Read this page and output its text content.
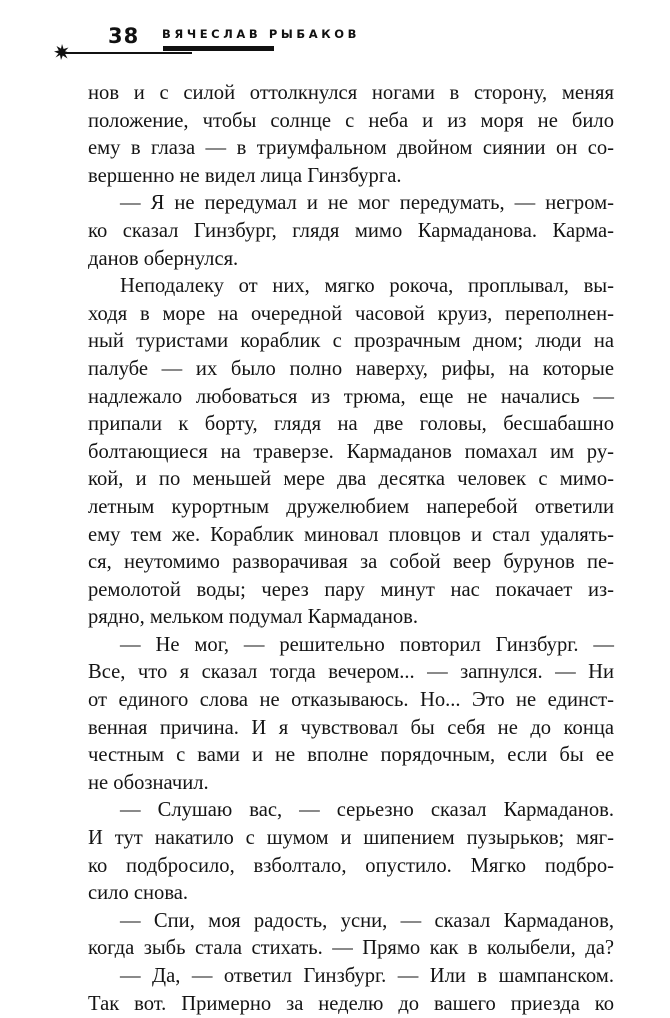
38 ВЯЧЕСЛАВ РЫБАКОВ
нов и с силой оттолкнулся ногами в сторону, меняя
положение, чтобы солнце с неба и из моря не било
ему в глаза — в триумфальном двойном сиянии он со-
вершенно не видел лица Гинзбурга.
— Я не передумал и не мог передумать, — негром-
ко сказал Гинзбург, глядя мимо Кармаданова. Карма-
данов обернулся.
Неподалеку от них, мягко рокоча, проплывал, вы-
ходя в море на очередной часовой круиз, переполнен-
ный туристами кораблик с прозрачным дном; люди на
палубе — их было полно наверху, рифы, на которые
надлежало любоваться из трюма, еще не начались —
припали к борту, глядя на две головы, бесшабашно
болтающиеся на траверзе. Кармаданов помахал им ру-
кой, и по меньшей мере два десятка человек с мимо-
летным курортным дружелюбием наперебой ответили
ему тем же. Кораблик миновал пловцов и стал удалять-
ся, неутомимо разворачивая за собой веер бурунов пе-
ремолотой воды; через пару минут нас покачает из-
рядно, мельком подумал Кармаданов.
— Не мог, — решительно повторил Гинзбург. —
Все, что я сказал тогда вечером... — запнулся. — Ни
от единого слова не отказываюсь. Но... Это не единст-
венная причина. И я чувствовал бы себя не до конца
честным с вами и не вполне порядочным, если бы ее
не обозначил.
— Слушаю вас, — серьезно сказал Кармаданов.
И тут накатило с шумом и шипением пузырьков; мяг-
ко подбросило, взболтало, опустило. Мягко подбро-
сило снова.
— Спи, моя радость, усни, — сказал Кармаданов,
когда зыбь стала стихать. — Прямо как в колыбели, да?
— Да, — ответил Гинзбург. — Или в шампанском.
Так вот. Примерно за неделю до вашего приезда ко
